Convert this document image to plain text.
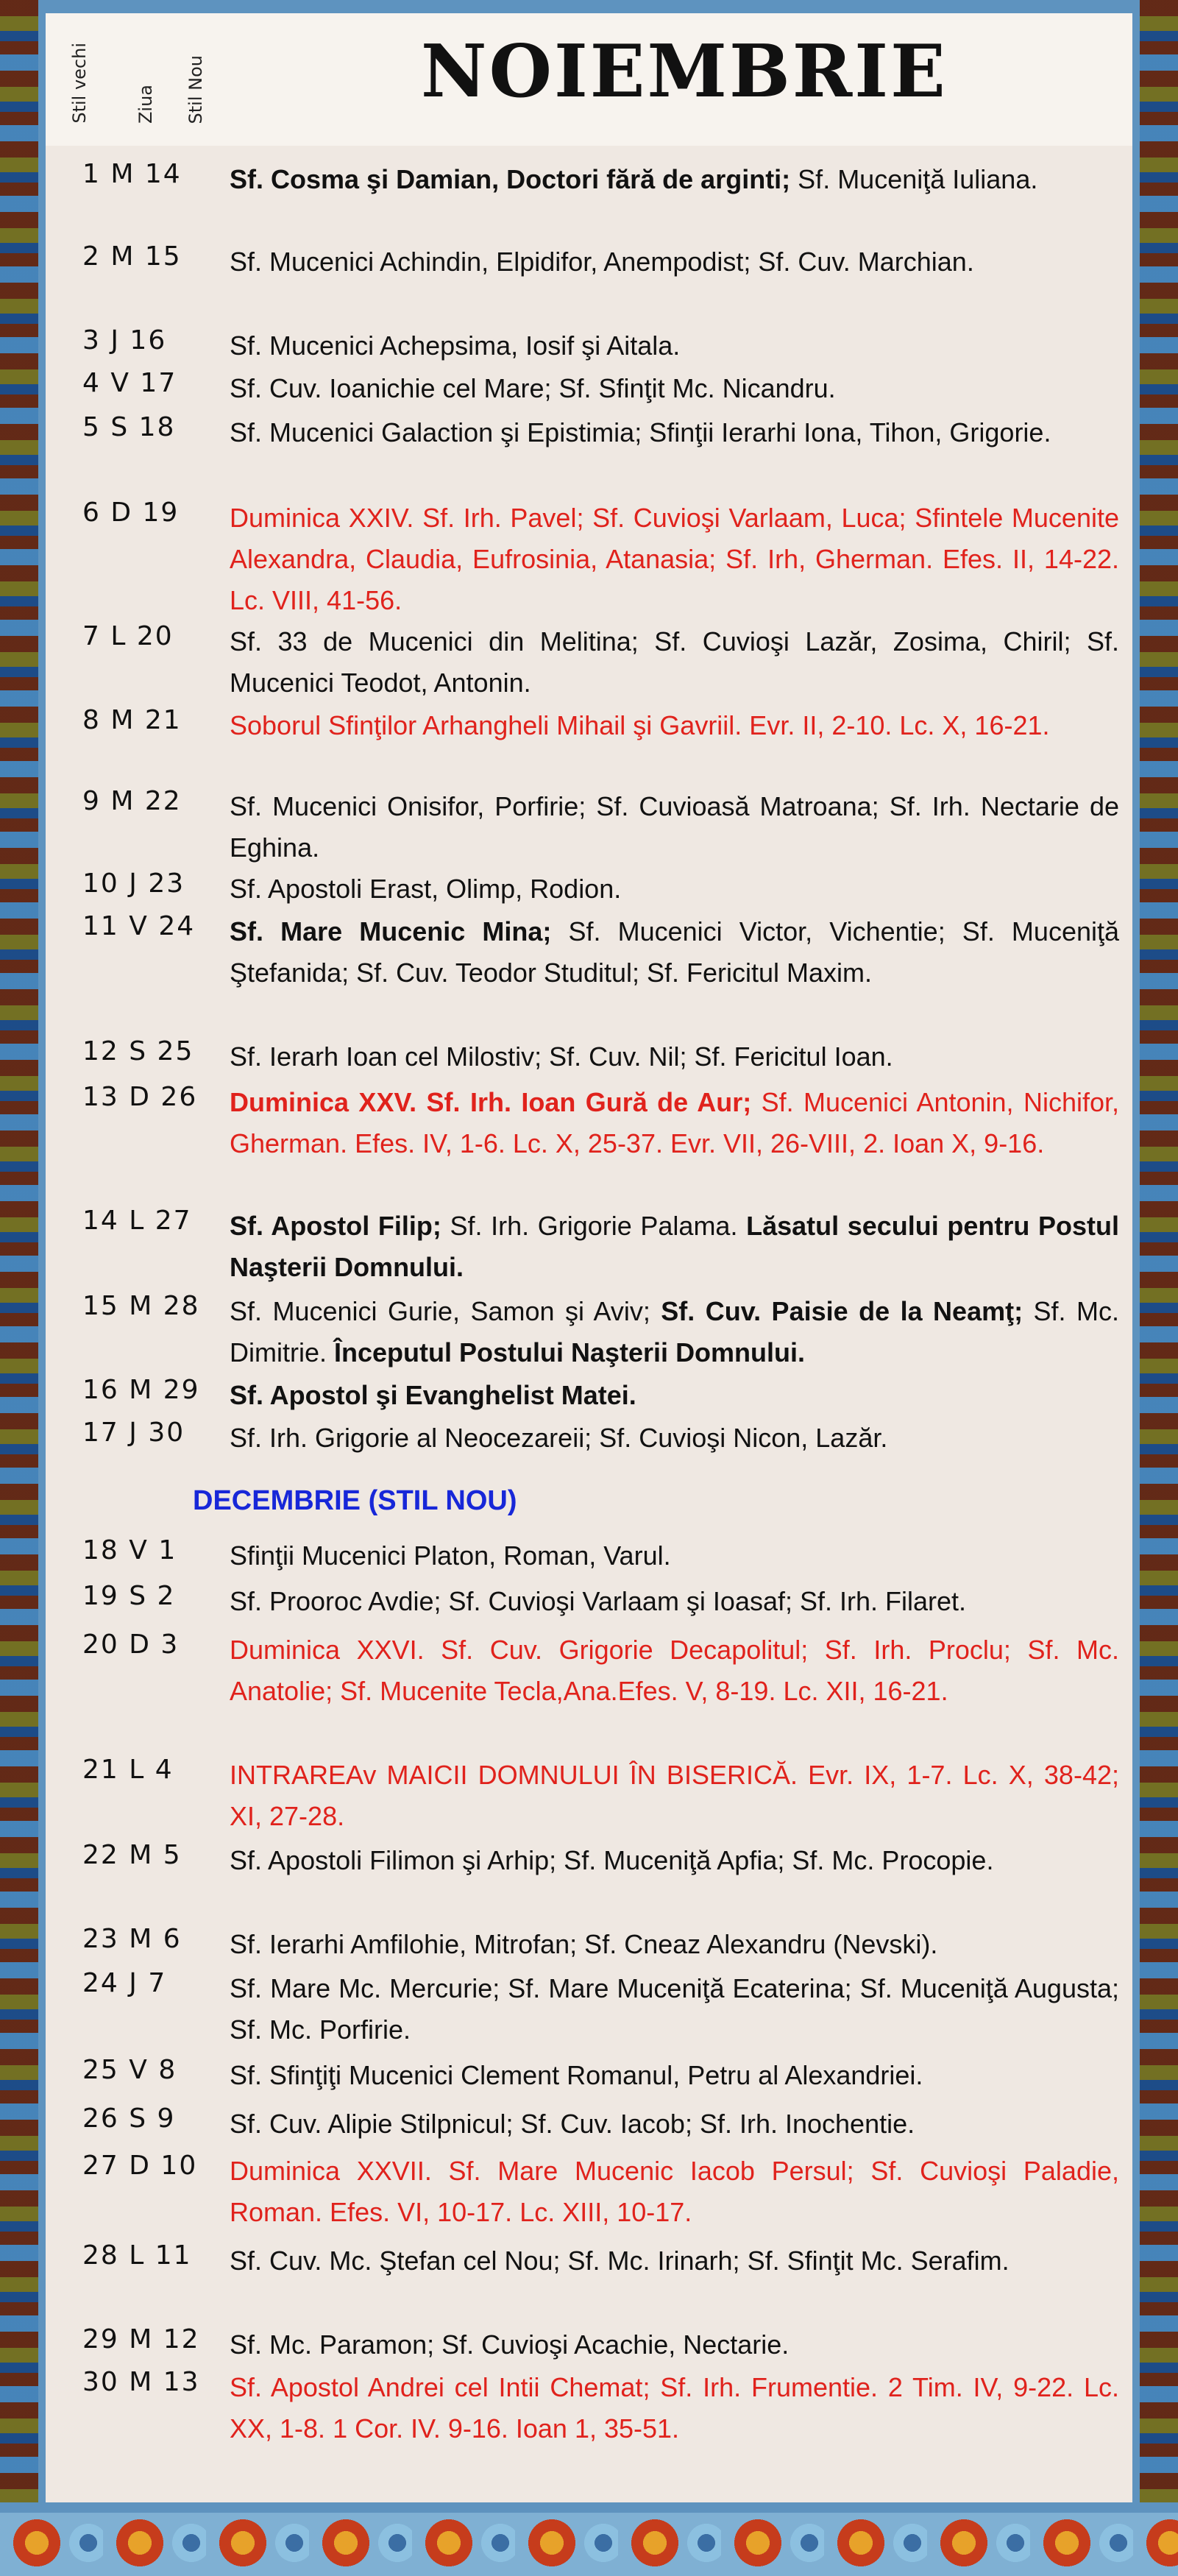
Stil vechi	Ziua Stil Nou	NOIEMBRIE
1 M 14 Sf. Cosma şi Damian, Doctori fără de arginti; Sf. Muceniţă Iuliana.
2 M 15 Sf. Mucenici Achindin, Elpidifor, Anempodist; Sf. Cuv. Marchian.
3 J 16 Sf. Mucenici Achepsima, Iosif şi Aitala.
4 V 17 Sf. Cuv. Ioanichie cel Mare; Sf. Sfinţit Mc. Nicandru.
5 S 18 Sf. Mucenici Galaction şi Epistimia; Sfinţii Ierarhi Iona, Tihon, Grigorie.
6 D 19 Duminica XXIV. Sf. Irh. Pavel; Sf. Cuvioşi Varlaam, Luca; Sfintele Mucenite Alexandra, Claudia, Eufrosinia, Atanasia; Sf. Irh, Gherman. Efes. II, 14-22. Lc. VIII, 41-56.
7 L 20 Sf. 33 de Mucenici din Melitina; Sf. Cuvioşi Lazăr, Zosima, Chiril; Sf. Mucenici Teodot, Antonin.
8 M 21 Soborul Sfinţilor Arhangheli Mihail şi Gavriil. Evr. II, 2-10. Lc. X, 16-21.
9 M 22 Sf. Mucenici Onisifor, Porfirie; Sf. Cuvioasă Matroana; Sf. Irh. Nectarie de Eghina.
10 J 23 Sf. Apostoli Erast, Olimp, Rodion.
11 V 24 Sf. Mare Mucenic Mina; Sf. Mucenici Victor, Vichentie; Sf. Muceniţă Ştefanida; Sf. Cuv. Teodor Studitul; Sf. Fericitul Maxim.
12 S 25 Sf. Ierarh Ioan cel Milostiv; Sf. Cuv. Nil; Sf. Fericitul Ioan.
13 D 26 Duminica XXV. Sf. Irh. Ioan Gură de Aur; Sf. Mucenici Antonin, Nichifor, Gherman. Efes. IV, 1-6. Lc. X, 25-37. Evr. VII, 26-VIII, 2. Ioan X, 9-16.
14 L 27 Sf. Apostol Filip; Sf. Irh. Grigorie Palama. Lăsatul secului pentru Postul Naşterii Domnului.
15 M 28 Sf. Mucenici Gurie, Samon şi Aviv; Sf. Cuv. Paisie de la Neamţ; Sf. Mc. Dimitrie. Începutul Postului Naşterii Domnului.
16 M 29 Sf. Apostol şi Evanghelist Matei.
17 J 30 Sf. Irh. Grigorie al Neocezareii; Sf. Cuvioşi Nicon, Lazăr.
DECEMBRIE (STIL NOU)
18 V 1 Sfinţii Mucenici Platon, Roman, Varul.
19 S 2 Sf. Prooroc Avdie; Sf. Cuvioşi Varlaam şi Ioasaf; Sf. Irh. Filaret.
20 D 3 Duminica XXVI. Sf. Cuv. Grigorie Decapolitul; Sf. Irh. Proclu; Sf. Mc. Anatolie; Sf. Mucenite Tecla,Ana.Efes. V, 8-19. Lc. XII, 16-21.
21 L 4 INTRAREAv MAICII DOMNULUI ÎN BISERICĂ. Evr. IX, 1-7. Lc. X, 38-42; XI, 27-28.
22 M 5 Sf. Apostoli Filimon şi Arhip; Sf. Muceniţă Apfia; Sf. Mc. Procopie.
23 M 6 Sf. Ierarhi Amfilohie, Mitrofan; Sf. Cneaz Alexandru (Nevski).
24 J 7 Sf. Mare Mc. Mercurie; Sf. Mare Muceniţă Ecaterina; Sf. Muceniţă Augusta; Sf. Mc. Porfirie.
25 V 8 Sf. Sfinţiţi Mucenici Clement Romanul, Petru al Alexandriei.
26 S 9 Sf. Cuv. Alipie Stilpnicul; Sf. Cuv. Iacob; Sf. Irh. Inochentie.
27 D 10 Duminica XXVII. Sf. Mare Mucenic Iacob Persul; Sf. Cuvioşi Paladie, Roman. Efes. VI, 10-17. Lc. XIII, 10-17.
28 L 11 Sf. Cuv. Mc. Ştefan cel Nou; Sf. Mc. Irinarh; Sf. Sfinţit Mc. Serafim.
29 M 12 Sf. Mc. Paramon; Sf. Cuvioşi Acachie, Nectarie.
30 M 13 Sf. Apostol Andrei cel Intii Chemat; Sf. Irh. Frumentie. 2 Tim. IV, 9-22. Lc. XX, 1-8. 1 Cor. IV. 9-16. Ioan 1, 35-51.
